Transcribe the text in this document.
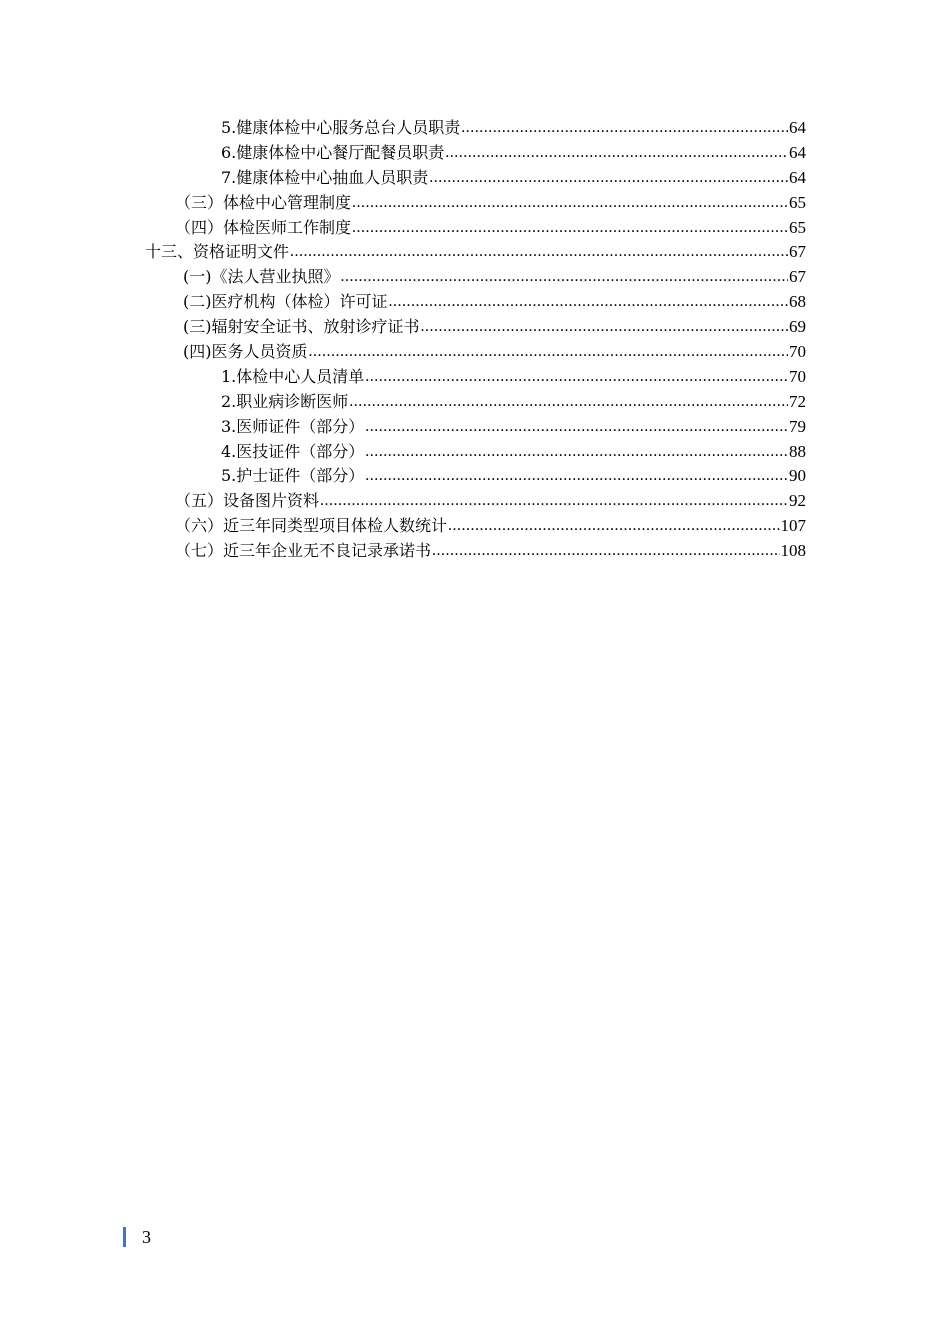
5.健康体检中心服务总台人员职责 .....	64
6.健康体检中心餐厅配餐员职责 .....	64
7.健康体检中心抽血人员职责 .....	64
（三）体检中心管理制度 .....	65
（四）体检医师工作制度 .....	65
十三、资格证明文件 .....	67
(一)《法人营业执照》 .....	67
(二)医疗机构（体检）许可证 .....	68
(三)辐射安全证书、放射诊疗证书 .....	69
(四)医务人员资质 .....	70
1.体检中心人员清单 .....	70
2.职业病诊断医师 .....	72
3.医师证件（部分） .....	79
4.医技证件（部分） .....	88
5.护士证件（部分） .....	90
（五）设备图片资料 .....	92
（六）近三年同类型项目体检人数统计 .....	107
（七）近三年企业无不良记录承诺书 .....	108
3
